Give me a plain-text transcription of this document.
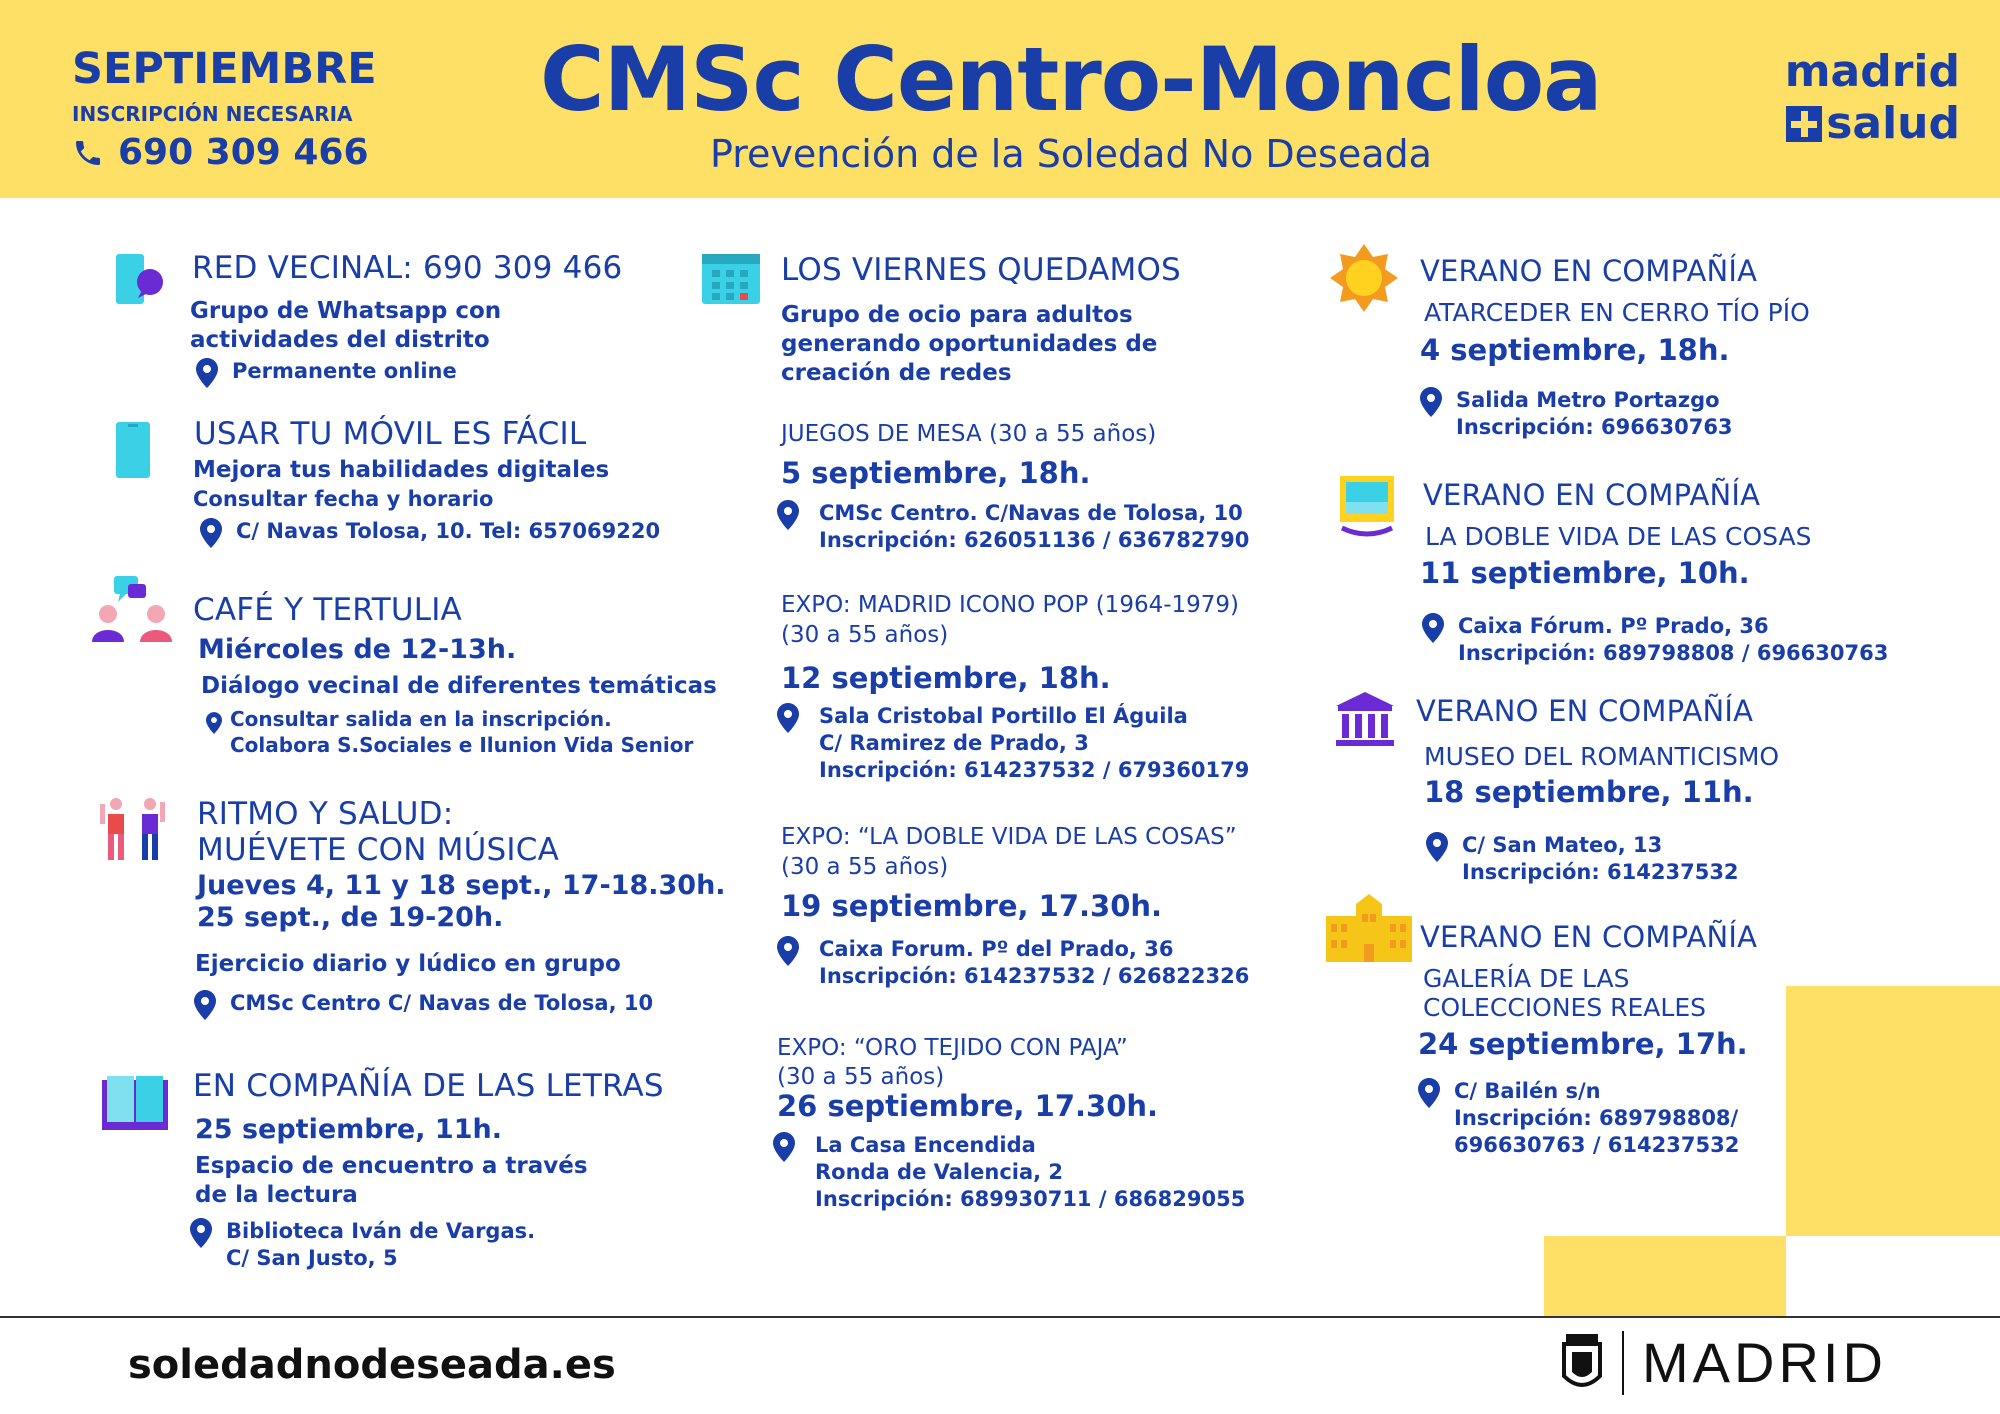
SEPTIEMBRE
INSCRIPCIÓN NECESARIA
690 309 466
CMSc Centro-Moncloa
Prevención de la Soledad No Deseada
madrid
salud
RED VECINAL: 690 309 466
Grupo de Whatsapp con
actividades del distrito
Permanente online
USAR TU MÓVIL ES FÁCIL
Mejora tus habilidades digitales
Consultar fecha y horario
C/ Navas Tolosa, 10. Tel: 657069220
CAFÉ Y TERTULIA
Miércoles de 12-13h.
Diálogo vecinal de diferentes temáticas
Consultar salida en la inscripción.
Colabora S.Sociales e Ilunion Vida Senior
RITMO Y SALUD:
MUÉVETE CON MÚSICA
Jueves 4, 11 y 18 sept., 17-18.30h.
25 sept., de 19-20h.
Ejercicio diario y lúdico en grupo
CMSc Centro C/ Navas de Tolosa, 10
EN COMPAÑÍA DE LAS LETRAS
25 septiembre, 11h.
Espacio de encuentro a través
de la lectura
Biblioteca Iván de Vargas.
C/ San Justo, 5
LOS VIERNES QUEDAMOS
Grupo de ocio para adultos
generando oportunidades de
creación de redes
JUEGOS DE MESA (30 a 55 años)
5 septiembre, 18h.
CMSc Centro. C/Navas de Tolosa, 10
Inscripción: 626051136 / 636782790
EXPO: MADRID ICONO POP (1964-1979)
(30 a 55 años)
12 septiembre, 18h.
Sala Cristobal Portillo El Águila
C/ Ramirez de Prado, 3
Inscripción: 614237532 / 679360179
EXPO: “LA DOBLE VIDA DE LAS COSAS”
(30 a 55 años)
19 septiembre, 17.30h.
Caixa Forum. Pº del Prado, 36
Inscripción: 614237532 / 626822326
EXPO: “ORO TEJIDO CON PAJA”
(30 a 55 años)
26 septiembre, 17.30h.
La Casa Encendida
Ronda de Valencia, 2
Inscripción: 689930711 / 686829055
VERANO EN COMPAÑÍA
ATARCEDER EN CERRO TÍO PÍO
4 septiembre, 18h.
Salida Metro Portazgo
Inscripción: 696630763
VERANO EN COMPAÑÍA
LA DOBLE VIDA DE LAS COSAS
11 septiembre, 10h.
Caixa Fórum. Pº Prado, 36
Inscripción: 689798808 / 696630763
VERANO EN COMPAÑÍA
MUSEO DEL ROMANTICISMO
18 septiembre, 11h.
C/ San Mateo, 13
Inscripción: 614237532
VERANO EN COMPAÑÍA
GALERÍA DE LAS
COLECCIONES REALES
24 septiembre, 17h.
C/ Bailén s/n
Inscripción: 689798808/
696630763 / 614237532
soledadnodeseada.es	MADRID
